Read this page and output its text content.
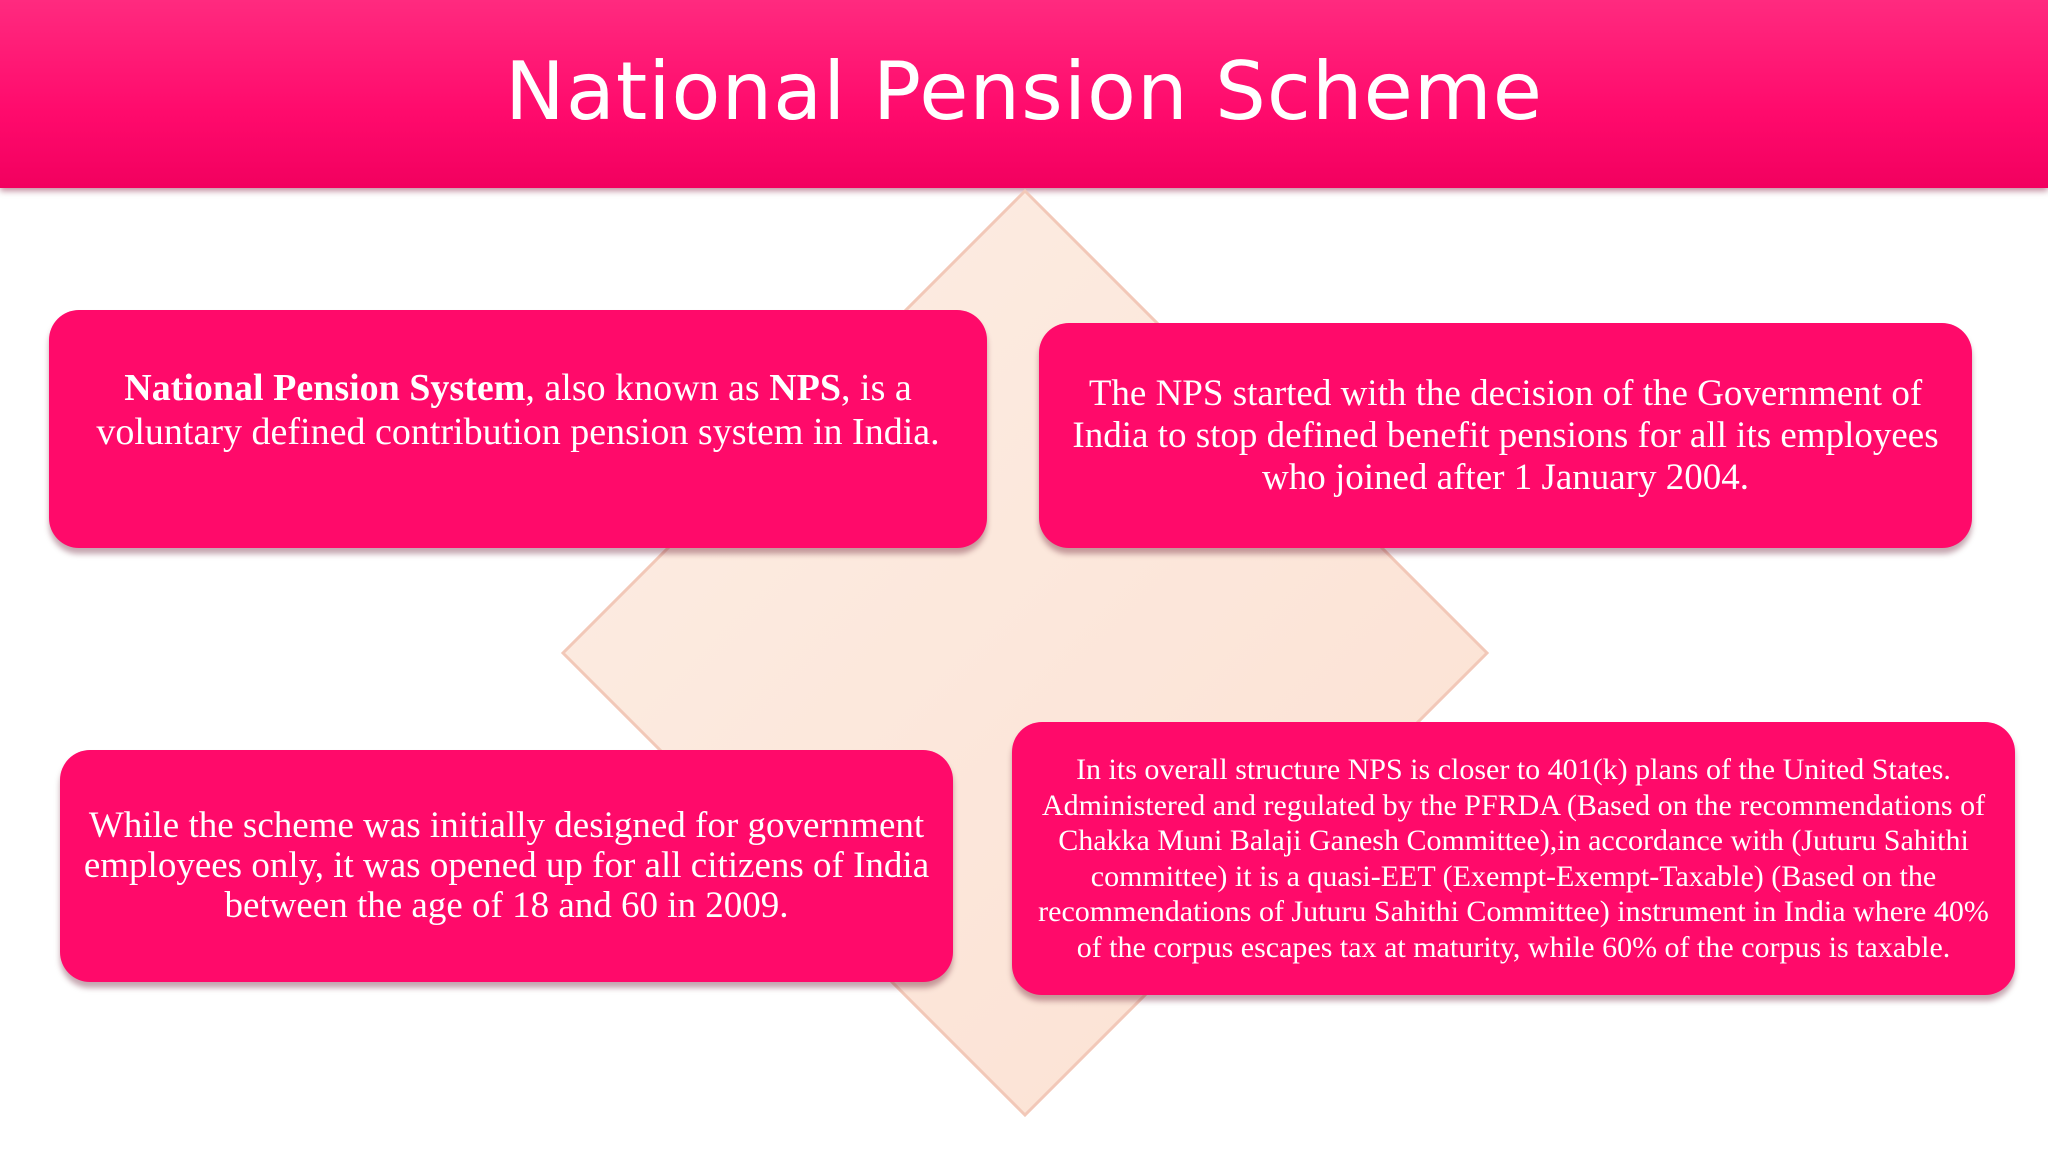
National Pension Scheme

National Pension System, also known as NPS, is a voluntary defined contribution pension system in India.

The NPS started with the decision of the Government of India to stop defined benefit pensions for all its employees who joined after 1 January 2004.

While the scheme was initially designed for government employees only, it was opened up for all citizens of India between the age of 18 and 60 in 2009.

In its overall structure NPS is closer to 401(k) plans of the United States. Administered and regulated by the PFRDA (Based on the recommendations of Chakka Muni Balaji Ganesh Committee),in accordance with (Juturu Sahithi committee) it is a quasi-EET (Exempt-Exempt-Taxable) (Based on the recommendations of Juturu Sahithi Committee) instrument in India where 40% of the corpus escapes tax at maturity, while 60% of the corpus is taxable.
